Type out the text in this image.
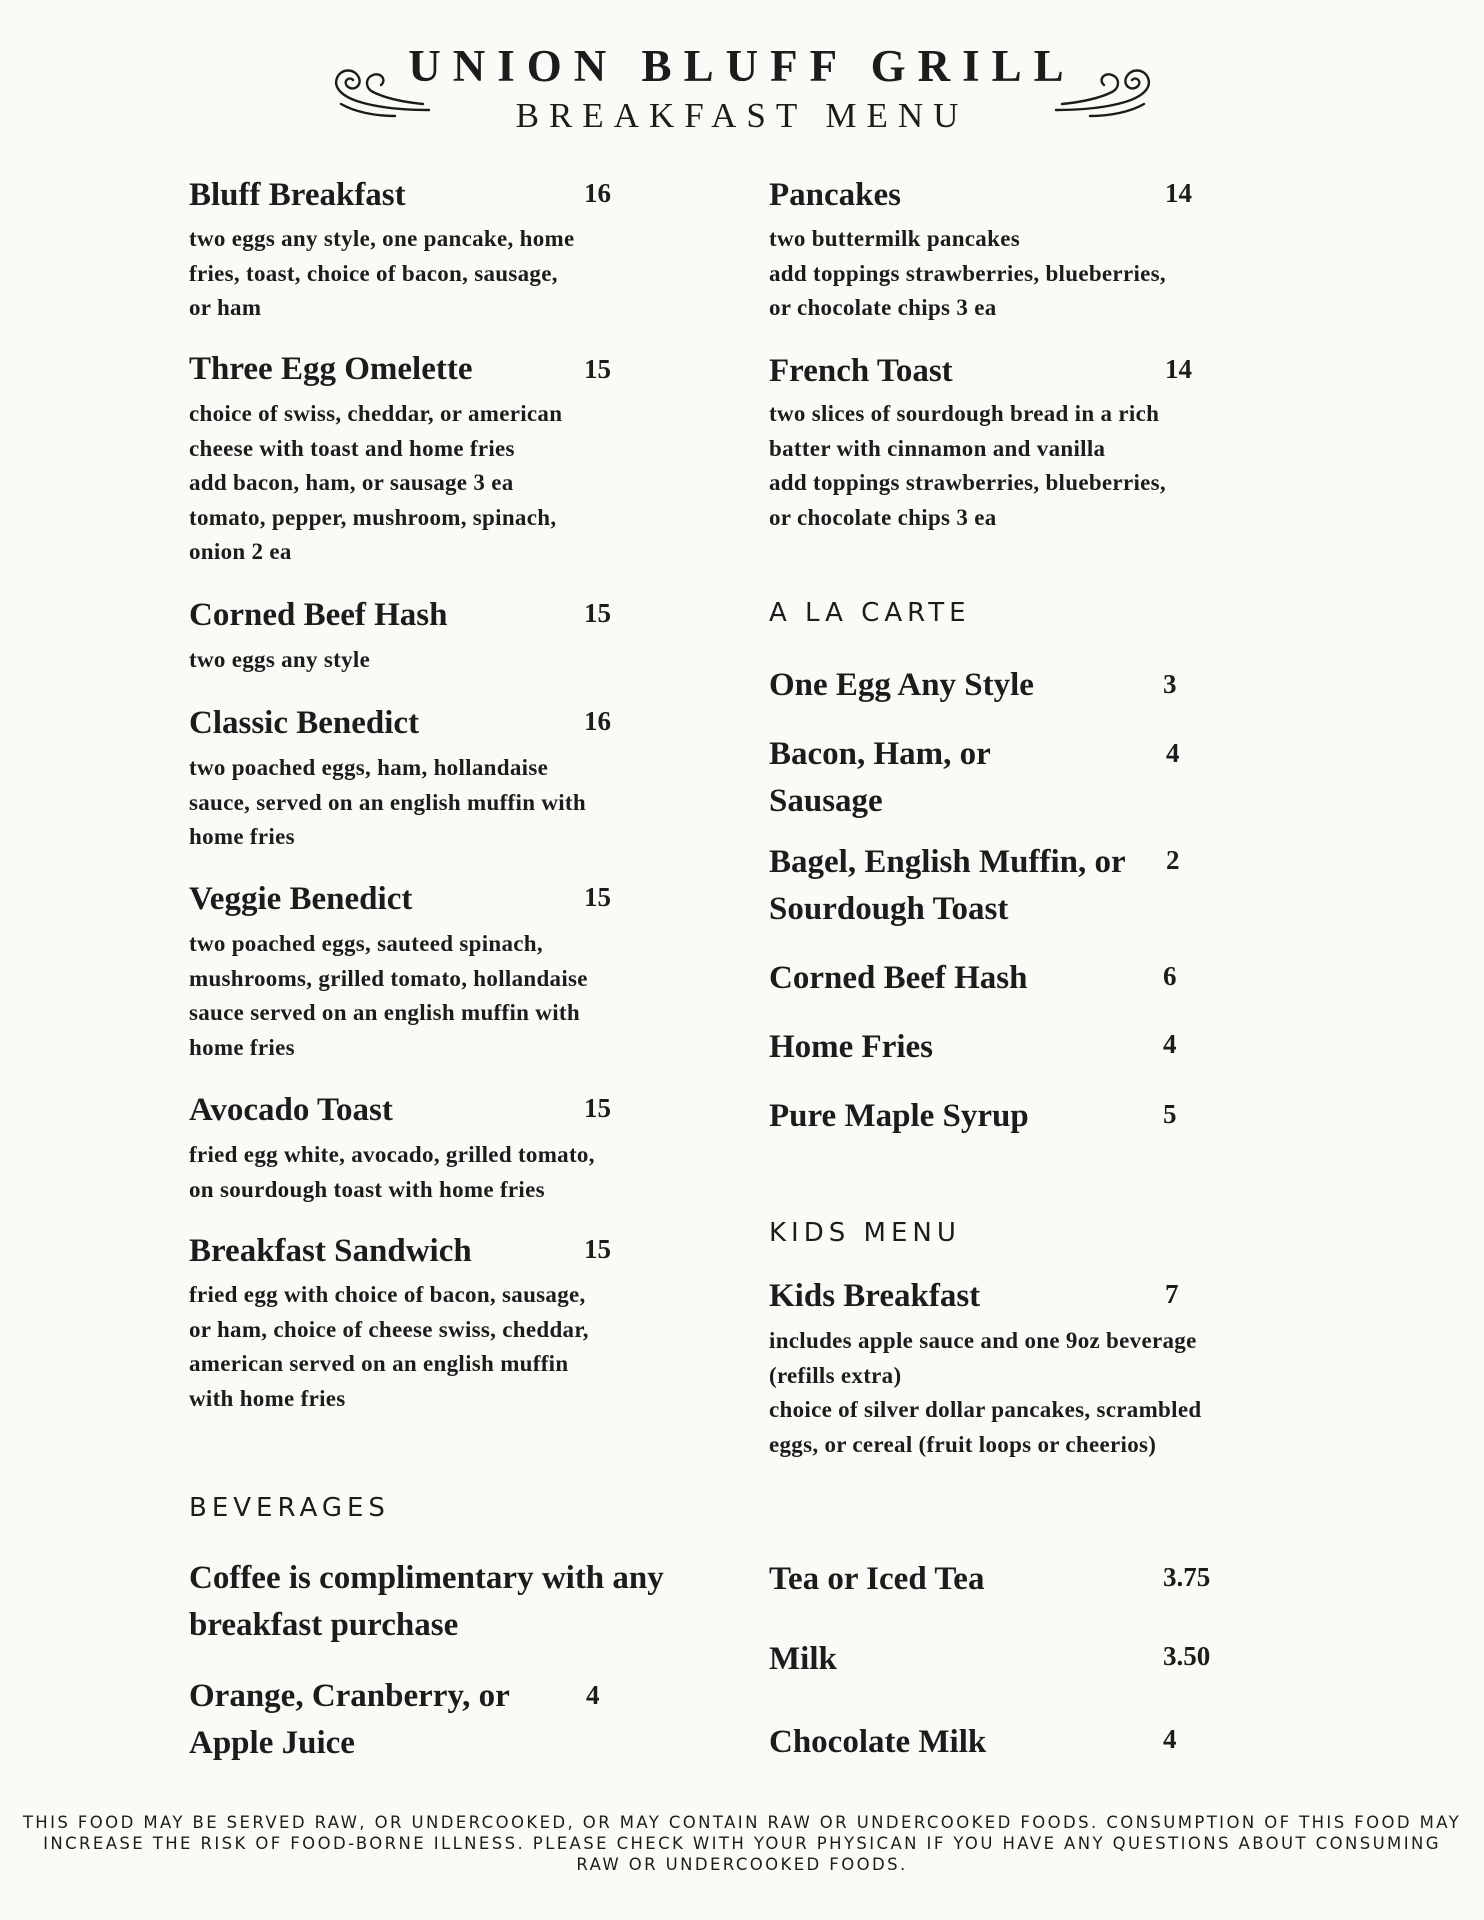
UNION BLUFF GRILL
BREAKFAST MENU
Bluff Breakfast	16
two eggs any style, one pancake, home
fries, toast, choice of bacon, sausage,
or ham
Three Egg Omelette	15
choice of swiss, cheddar, or american
cheese with toast and home fries
add bacon, ham, or sausage 3 ea
tomato, pepper, mushroom, spinach,
onion 2 ea
Corned Beef Hash	15
two eggs any style
Classic Benedict	16
two poached eggs, ham, hollandaise
sauce, served on an english muffin with
home fries
Veggie Benedict	15
two poached eggs, sauteed spinach,
mushrooms, grilled tomato, hollandaise
sauce served on an english muffin with
home fries
Avocado Toast	15
fried egg white, avocado, grilled tomato,
on sourdough toast with home fries
Breakfast Sandwich	15
fried egg with choice of bacon, sausage,
or ham, choice of cheese swiss, cheddar,
american served on an english muffin
with home fries
Pancakes	14
two buttermilk pancakes
add toppings strawberries, blueberries,
or chocolate chips 3 ea
French Toast	14
two slices of sourdough bread in a rich
batter with cinnamon and vanilla
add toppings strawberries, blueberries,
or chocolate chips 3 ea
A LA CARTE
One Egg Any Style	3
Bacon, Ham, or Sausage
4
Bagel, English Muffin, or Sourdough Toast
2
Corned Beef Hash	6
Home Fries	4
Pure Maple Syrup	5
KIDS MENU
Kids Breakfast	7
includes apple sauce and one 9oz beverage
(refills extra)
choice of silver dollar pancakes, scrambled
eggs, or cereal (fruit loops or cheerios)
BEVERAGES
Coffee is complimentary with any breakfast purchase
Orange, Cranberry, or Apple Juice
4
Tea or Iced Tea	3.75
Milk	3.50
Chocolate Milk	4
THIS FOOD MAY BE SERVED RAW, OR UNDERCOOKED, OR MAY CONTAIN RAW OR UNDERCOOKED FOODS. CONSUMPTION OF THIS FOOD MAY INCREASE THE RISK OF FOOD-BORNE ILLNESS. PLEASE CHECK WITH YOUR PHYSICAN IF YOU HAVE ANY QUESTIONS ABOUT CONSUMING RAW OR UNDERCOOKED FOODS.
